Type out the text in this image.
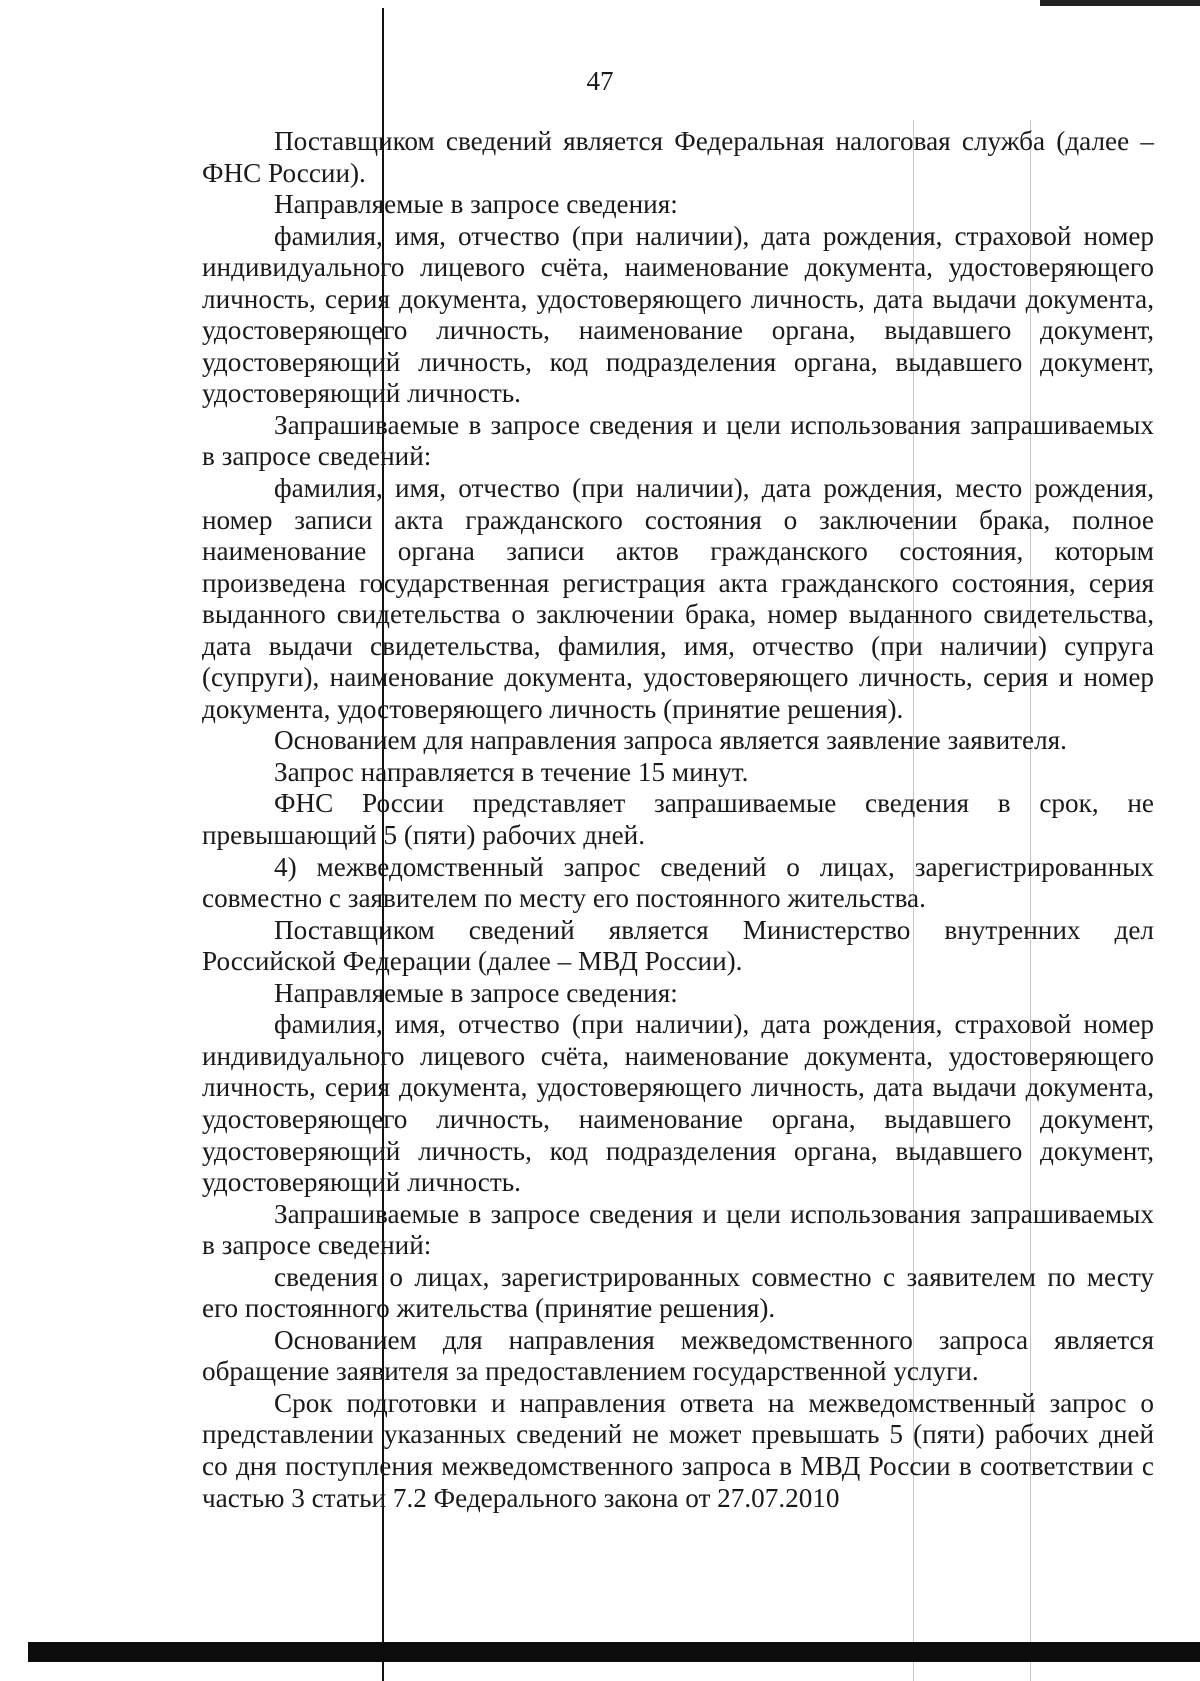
47

Поставщиком сведений является Федеральная налоговая служба (далее – ФНС России).

Направляемые в запросе сведения:

фамилия, имя, отчество (при наличии), дата рождения, страховой номер индивидуального лицевого счёта, наименование документа, удостоверяющего личность, серия документа, удостоверяющего личность, дата выдачи документа, удостоверяющего личность, наименование органа, выдавшего документ, удостоверяющий личность, код подразделения органа, выдавшего документ, удостоверяющий личность.

Запрашиваемые в запросе сведения и цели использования запрашиваемых в запросе сведений:

фамилия, имя, отчество (при наличии), дата рождения, место рождения, номер записи акта гражданского состояния о заключении брака, полное наименование органа записи актов гражданского состояния, которым произведена государственная регистрация акта гражданского состояния, серия выданного свидетельства о заключении брака, номер выданного свидетельства, дата выдачи свидетельства, фамилия, имя, отчество (при наличии) супруга (супруги), наименование документа, удостоверяющего личность, серия и номер документа, удостоверяющего личность (принятие решения).

Основанием для направления запроса является заявление заявителя.

Запрос направляется в течение 15 минут.

ФНС России представляет запрашиваемые сведения в срок, не превышающий 5 (пяти) рабочих дней.

4) межведомственный запрос сведений о лицах, зарегистрированных совместно с заявителем по месту его постоянного жительства.

Поставщиком сведений является Министерство внутренних дел Российской Федерации (далее – МВД России).

Направляемые в запросе сведения:

фамилия, имя, отчество (при наличии), дата рождения, страховой номер индивидуального лицевого счёта, наименование документа, удостоверяющего личность, серия документа, удостоверяющего личность, дата выдачи документа, удостоверяющего личность, наименование органа, выдавшего документ, удостоверяющий личность, код подразделения органа, выдавшего документ, удостоверяющий личность.

Запрашиваемые в запросе сведения и цели использования запрашиваемых в запросе сведений:

сведения о лицах, зарегистрированных совместно с заявителем по месту его постоянного жительства (принятие решения).

Основанием для направления межведомственного запроса является обращение заявителя за предоставлением государственной услуги.

Срок подготовки и направления ответа на межведомственный запрос о представлении указанных сведений не может превышать 5 (пяти) рабочих дней со дня поступления межведомственного запроса в МВД России в соответствии с частью 3 статьи 7.2 Федерального закона от 27.07.2010
